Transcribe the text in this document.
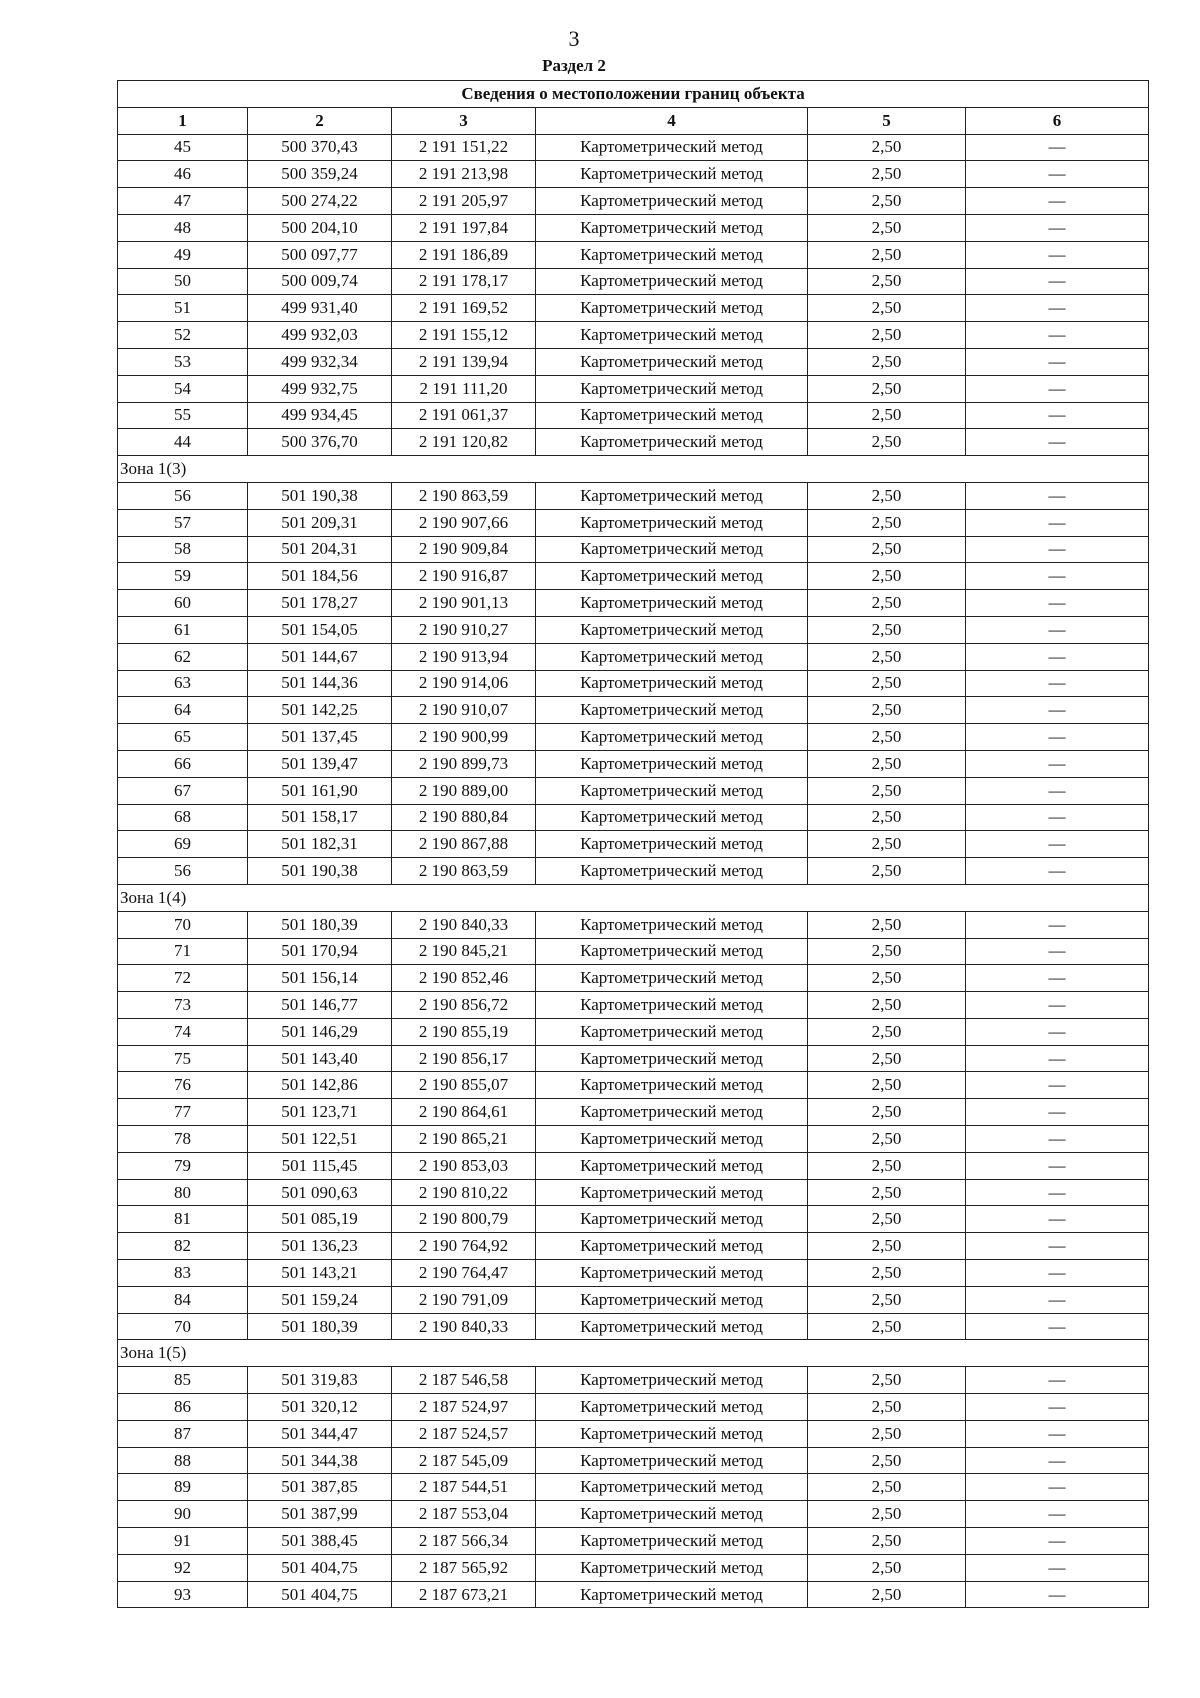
3
Раздел 2
Сведения о местоположении границ объекта					
1	2	3	4	5	6
45	500 370,43	2 191 151,22	Картометрический метод	2,50	—
46	500 359,24	2 191 213,98	Картометрический метод	2,50	—
47	500 274,22	2 191 205,97	Картометрический метод	2,50	—
48	500 204,10	2 191 197,84	Картометрический метод	2,50	—
49	500 097,77	2 191 186,89	Картометрический метод	2,50	—
50	500 009,74	2 191 178,17	Картометрический метод	2,50	—
51	499 931,40	2 191 169,52	Картометрический метод	2,50	—
52	499 932,03	2 191 155,12	Картометрический метод	2,50	—
53	499 932,34	2 191 139,94	Картометрический метод	2,50	—
54	499 932,75	2 191 111,20	Картометрический метод	2,50	—
55	499 934,45	2 191 061,37	Картометрический метод	2,50	—
44	500 376,70	2 191 120,82	Картометрический метод	2,50	—
Зона 1(3)					
56	501 190,38	2 190 863,59	Картометрический метод	2,50	—
57	501 209,31	2 190 907,66	Картометрический метод	2,50	—
58	501 204,31	2 190 909,84	Картометрический метод	2,50	—
59	501 184,56	2 190 916,87	Картометрический метод	2,50	—
60	501 178,27	2 190 901,13	Картометрический метод	2,50	—
61	501 154,05	2 190 910,27	Картометрический метод	2,50	—
62	501 144,67	2 190 913,94	Картометрический метод	2,50	—
63	501 144,36	2 190 914,06	Картометрический метод	2,50	—
64	501 142,25	2 190 910,07	Картометрический метод	2,50	—
65	501 137,45	2 190 900,99	Картометрический метод	2,50	—
66	501 139,47	2 190 899,73	Картометрический метод	2,50	—
67	501 161,90	2 190 889,00	Картометрический метод	2,50	—
68	501 158,17	2 190 880,84	Картометрический метод	2,50	—
69	501 182,31	2 190 867,88	Картометрический метод	2,50	—
56	501 190,38	2 190 863,59	Картометрический метод	2,50	—
Зона 1(4)					
70	501 180,39	2 190 840,33	Картометрический метод	2,50	—
71	501 170,94	2 190 845,21	Картометрический метод	2,50	—
72	501 156,14	2 190 852,46	Картометрический метод	2,50	—
73	501 146,77	2 190 856,72	Картометрический метод	2,50	—
74	501 146,29	2 190 855,19	Картометрический метод	2,50	—
75	501 143,40	2 190 856,17	Картометрический метод	2,50	—
76	501 142,86	2 190 855,07	Картометрический метод	2,50	—
77	501 123,71	2 190 864,61	Картометрический метод	2,50	—
78	501 122,51	2 190 865,21	Картометрический метод	2,50	—
79	501 115,45	2 190 853,03	Картометрический метод	2,50	—
80	501 090,63	2 190 810,22	Картометрический метод	2,50	—
81	501 085,19	2 190 800,79	Картометрический метод	2,50	—
82	501 136,23	2 190 764,92	Картометрический метод	2,50	—
83	501 143,21	2 190 764,47	Картометрический метод	2,50	—
84	501 159,24	2 190 791,09	Картометрический метод	2,50	—
70	501 180,39	2 190 840,33	Картометрический метод	2,50	—
Зона 1(5)					
85	501 319,83	2 187 546,58	Картометрический метод	2,50	—
86	501 320,12	2 187 524,97	Картометрический метод	2,50	—
87	501 344,47	2 187 524,57	Картометрический метод	2,50	—
88	501 344,38	2 187 545,09	Картометрический метод	2,50	—
89	501 387,85	2 187 544,51	Картометрический метод	2,50	—
90	501 387,99	2 187 553,04	Картометрический метод	2,50	—
91	501 388,45	2 187 566,34	Картометрический метод	2,50	—
92	501 404,75	2 187 565,92	Картометрический метод	2,50	—
93	501 404,75	2 187 673,21	Картометрический метод	2,50	—
